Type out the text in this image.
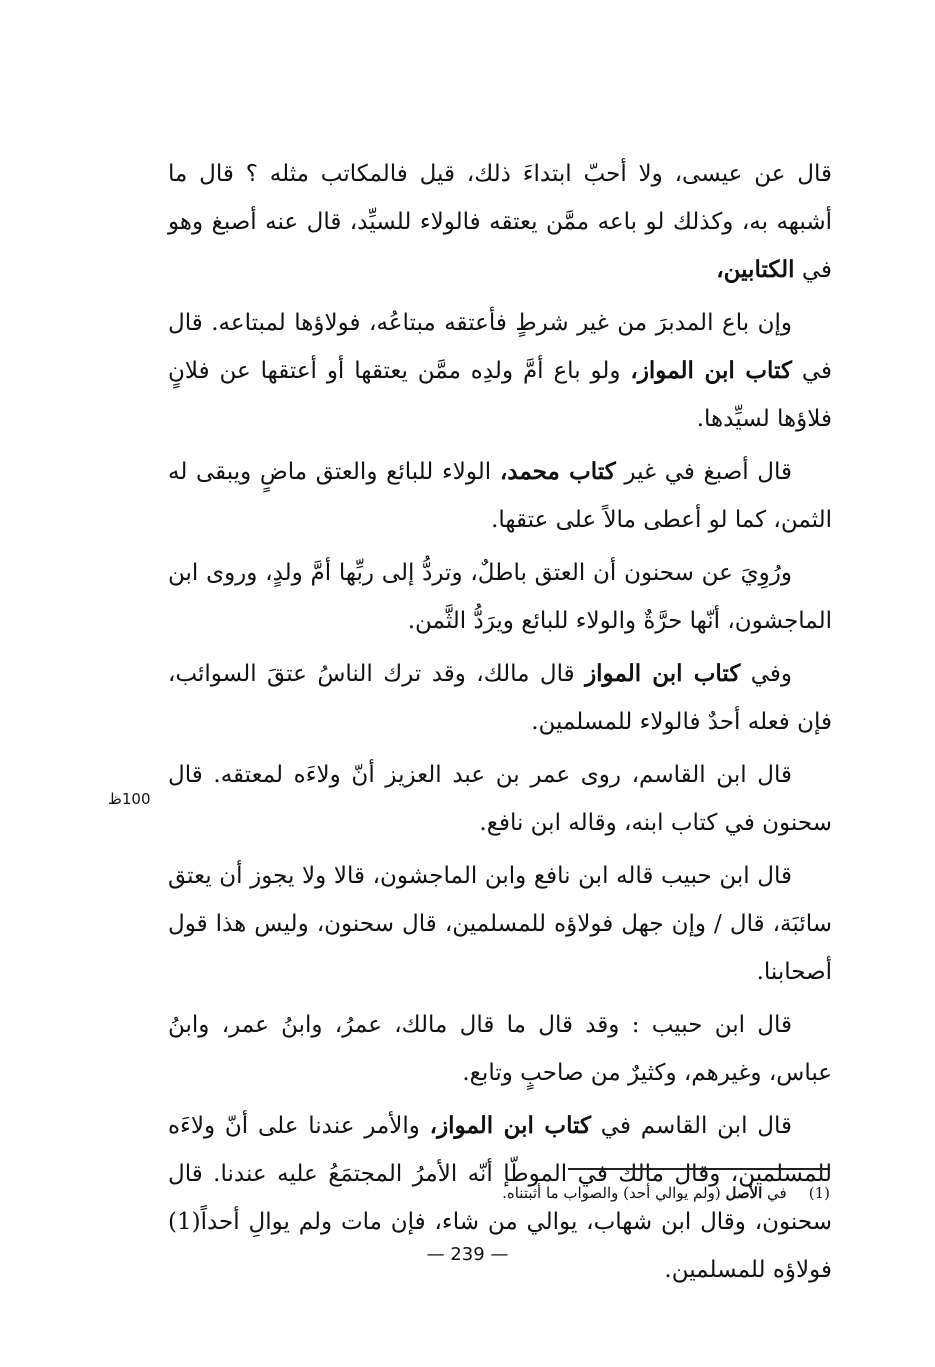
قال عن عيسى، ولا أحبّ ابتداءَ ذلك، قيل فالمكاتب مثله ؟ قال ما أشبهه به، وكذلك لو باعه ممَّن يعتقه فالولاء للسيِّد، قال عنه أصبغ وهو في الكتابين،

وإن باع المدبرَ من غير شرطٍ فأعتقه مبتاعُه، فولاؤها لمبتاعه. قال في كتاب ابن المواز، ولو باع أمَّ ولدِه ممَّن يعتقها أو أعتقها عن فلانٍ فلاؤها لسيِّدها.

قال أصبغ في غير كتاب محمد، الولاء للبائع والعتق ماضٍ ويبقى له الثمن، كما لو أعطى مالاً على عتقها.

ورُوِيَ عن سحنون أن العتق باطلٌ، وتردُّ إلى ربِّها أمَّ ولدٍ، وروى ابن الماجشون، أنّها حرَّةٌ والولاء للبائع ويرَدُّ الثَّمن.

وفي كتاب ابن المواز قال مالك، وقد ترك الناسُ عتقَ السوائب، فإن فعله أحدٌ فالولاء للمسلمين.

قال ابن القاسم، روى عمر بن عبد العزيز أنّ ولاءَه لمعتقه. قال سحنون في كتاب ابنه، وقاله ابن نافع.

قال ابن حبيب قاله ابن نافع وابن الماجشون، قالا ولا يجوز أن يعتق سائبَة، قال / وإن جهل فولاؤه للمسلمين، قال سحنون، وليس هذا قول أصحابنا.

قال ابن حبيب : وقد قال ما قال مالك، عمرُ، وابنُ عمر، وابنُ عباس، وغيرهم، وكثيرٌ من صاحبٍ وتابع.

قال ابن القاسم في كتاب ابن المواز، والأمر عندنا على أنّ ولاءَه للمسلمين، وقال مالك في الموطّإ أنّه الأمرُ المجتمَعُ عليه عندنا. قال سحنون، وقال ابن شهاب، يوالي من شاء، فإن مات ولم يوالِ أحداً(1) فولاؤه للمسلمين.

100ظ
(1)في الأصل (ولم يوالي أحد) والصواب ما أثبتناه.
— 239 —
